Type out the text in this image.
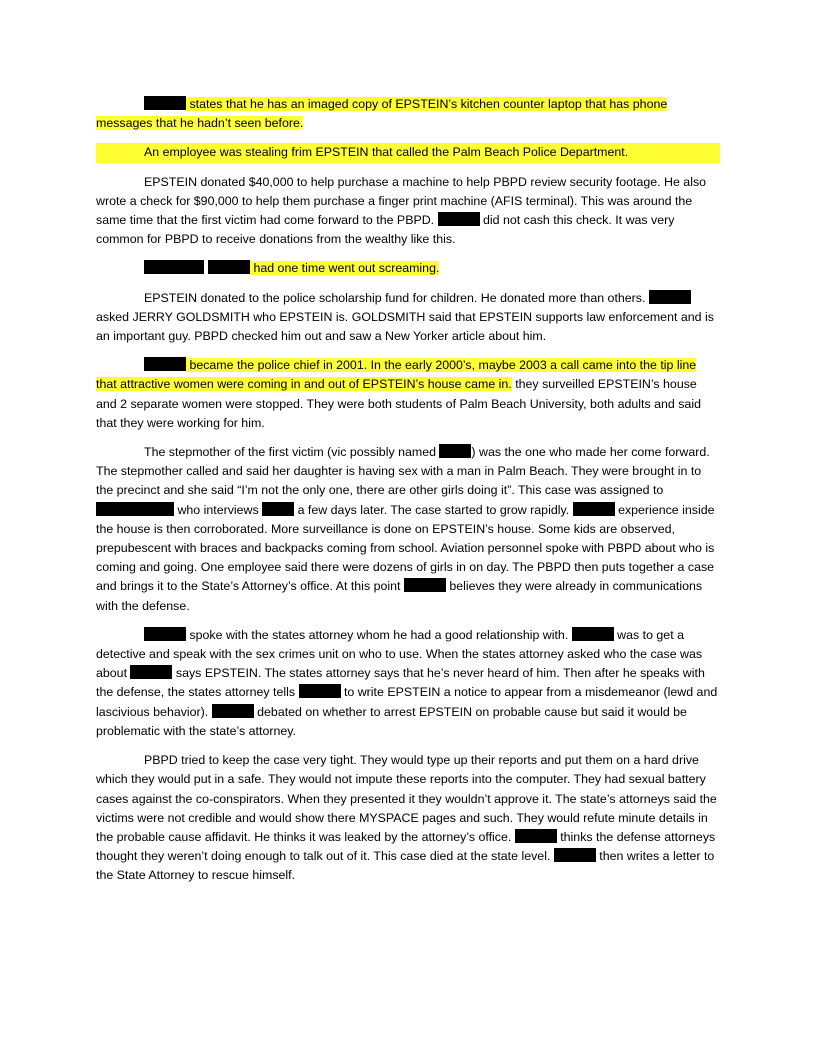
states that he has an imaged copy of EPSTEIN’s kitchen counter laptop that has phone messages that he hadn’t seen before.

An employee was stealing frim EPSTEIN that called the Palm Beach Police Department.

EPSTEIN donated $40,000 to help purchase a machine to help PBPD review security footage. He also wrote a check for $90,000 to help them purchase a finger print machine (AFIS terminal). This was around the same time that the first victim had come forward to the PBPD.	did not cash this check. It was very common for PBPD to receive donations from the wealthy like this.

had one time went out screaming.

EPSTEIN donated to the police scholarship fund for children. He donated more than others.  asked JERRY GOLDSMITH who EPSTEIN is. GOLDSMITH said that EPSTEIN supports law enforcement and is an important guy. PBPD checked him out and saw a New Yorker article about him.

became the police chief in 2001. In the early 2000’s, maybe 2003 a call came into the tip line that attractive women were coming in and out of EPSTEIN’s house came in. they surveilled EPSTEIN’s house and 2 separate women were stopped. They were both students of Palm Beach University, both adults and said that they were working for him.

The stepmother of the first victim (vic possibly named	) was the one who made her come forward. The stepmother called and said her daughter is having sex with a man in Palm Beach. They were brought in to the precinct and she said “I’m not the only one, there are other girls doing it”. This case was assigned to  who interviews	a few days later. The case started to grow rapidly.	experience inside the house is then corroborated. More surveillance is done on EPSTEIN’s house. Some kids are observed, prepubescent with braces and backpacks coming from school. Aviation personnel spoke with PBPD about who is coming and going. One employee said there were dozens of girls in on day. The PBPD then puts together a case and brings it to the State’s Attorney’s office. At this point	believes they were already in communications with the defense.

spoke with the states attorney whom he had a good relationship with.	was to get a detective and speak with the sex crimes unit on who to use. When the states attorney asked who the case was about	says EPSTEIN. The states attorney says that he’s never heard of him. Then after he speaks with the defense, the states attorney tells	to write EPSTEIN a notice to appear from a misdemeanor (lewd and lascivious behavior).	debated on whether to arrest EPSTEIN on probable cause but said it would be problematic with the state’s attorney.

PBPD tried to keep the case very tight. They would type up their reports and put them on a hard drive which they would put in a safe. They would not impute these reports into the computer. They had sexual battery cases against the co-conspirators. When they presented it they wouldn’t approve it. The state’s attorneys said the victims were not credible and would show there MYSPACE pages and such. They would refute minute details in the probable cause affidavit. He thinks it was leaked by the attorney’s office.	thinks the defense attorneys thought they weren’t doing enough to talk out of it. This case died at the state level.	then writes a letter to the State Attorney to rescue himself.
